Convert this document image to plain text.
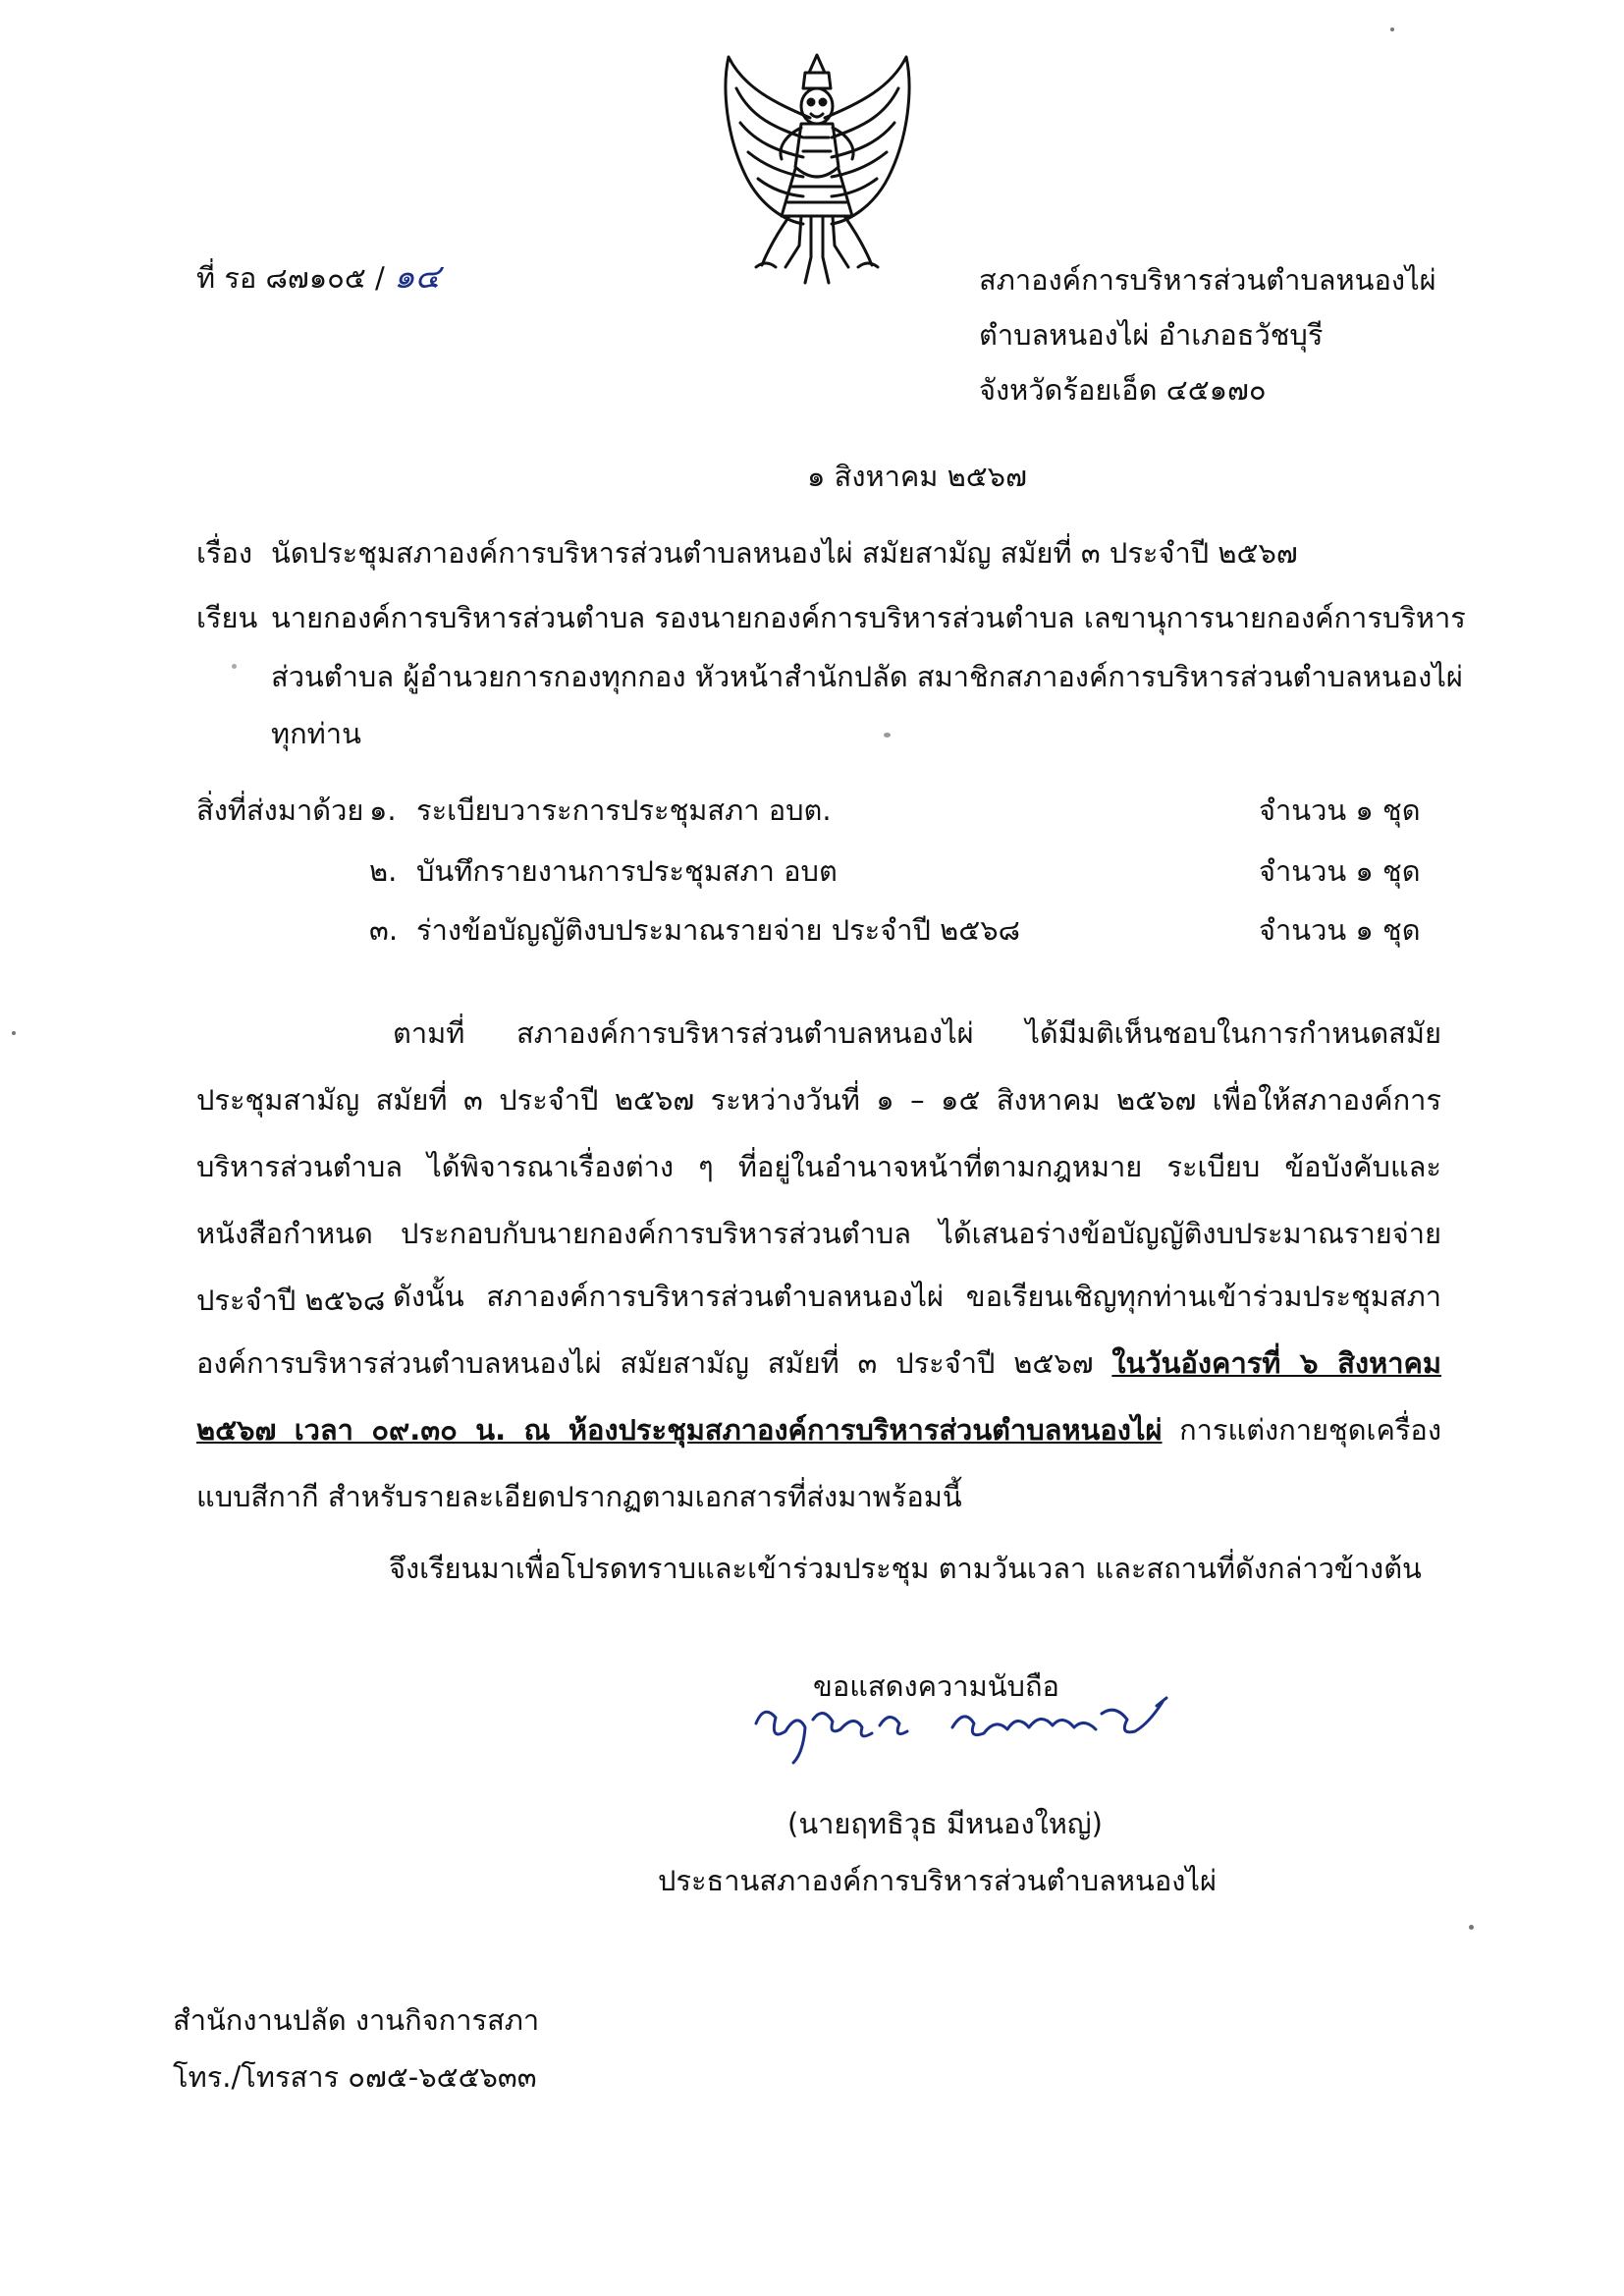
ที่ รอ ๘๗๑๐๕ / ๑๔	สภาองค์การบริหารส่วนตำบลหนองไผ่
ตำบลหนองไผ่ อำเภอธวัชบุรี
จังหวัดร้อยเอ็ด ๔๕๑๗๐
๑ สิงหาคม ๒๕๖๗
เรื่อง นัดประชุมสภาองค์การบริหารส่วนตำบลหนองไผ่ สมัยสามัญ สมัยที่ ๓ ประจำปี ๒๕๖๗
เรียน นายกองค์การบริหารส่วนตำบล รองนายกองค์การบริหารส่วนตำบล เลขานุการนายกองค์การบริหาร
ส่วนตำบล ผู้อำนวยการกองทุกกอง หัวหน้าสำนักปลัด สมาชิกสภาองค์การบริหารส่วนตำบลหนองไผ่
ทุกท่าน
สิ่งที่ส่งมาด้วย ๑. ระเบียบวาระการประชุมสภา อบต.	จำนวน ๑ ชุด
๒. บันทึกรายงานการประชุมสภา อบต	จำนวน ๑ ชุด
๓. ร่างข้อบัญญัติงบประมาณรายจ่าย ประจำปี ๒๕๖๘	จำนวน ๑ ชุด

ตามที่ สภาองค์การบริหารส่วนตำบลหนองไผ่ ได้มีมติเห็นชอบในการกำหนดสมัยประชุมสามัญ สมัยที่ ๓ ประจำปี ๒๕๖๗ ระหว่างวันที่ ๑ – ๑๕ สิงหาคม ๒๕๖๗ เพื่อให้สภาองค์การบริหารส่วนตำบล ได้พิจารณาเรื่องต่าง ๆ ที่อยู่ในอำนาจหน้าที่ตามกฎหมาย ระเบียบ ข้อบังคับและหนังสือกำหนด ประกอบกับนายกองค์การบริหารส่วนตำบล ได้เสนอร่างข้อบัญญัติงบประมาณรายจ่าย ประจำปี ๒๕๖๘ ดังนั้น สภาองค์การบริหารส่วนตำบลหนองไผ่ ขอเรียนเชิญทุกท่านเข้าร่วมประชุมสภาองค์การบริหารส่วนตำบลหนองไผ่ สมัยสามัญ สมัยที่ ๓ ประจำปี ๒๕๖๗ ในวันอังคารที่ ๖ สิงหาคม ๒๕๖๗ เวลา ๐๙.๓๐ น. ณ ห้องประชุมสภาองค์การบริหารส่วนตำบลหนองไผ่ การแต่งกายชุดเครื่องแบบสีกากี สำหรับรายละเอียดปรากฏตามเอกสารที่ส่งมาพร้อมนี้

จึงเรียนมาเพื่อโปรดทราบและเข้าร่วมประชุม ตามวันเวลา และสถานที่ดังกล่าวข้างต้น
ขอแสดงความนับถือ
(นายฤทธิวุธ มีหนองใหญ่)
ประธานสภาองค์การบริหารส่วนตำบลหนองไผ่
สำนักงานปลัด งานกิจการสภา
โทร./โทรสาร ๐๗๕-๖๕๕๖๓๓
